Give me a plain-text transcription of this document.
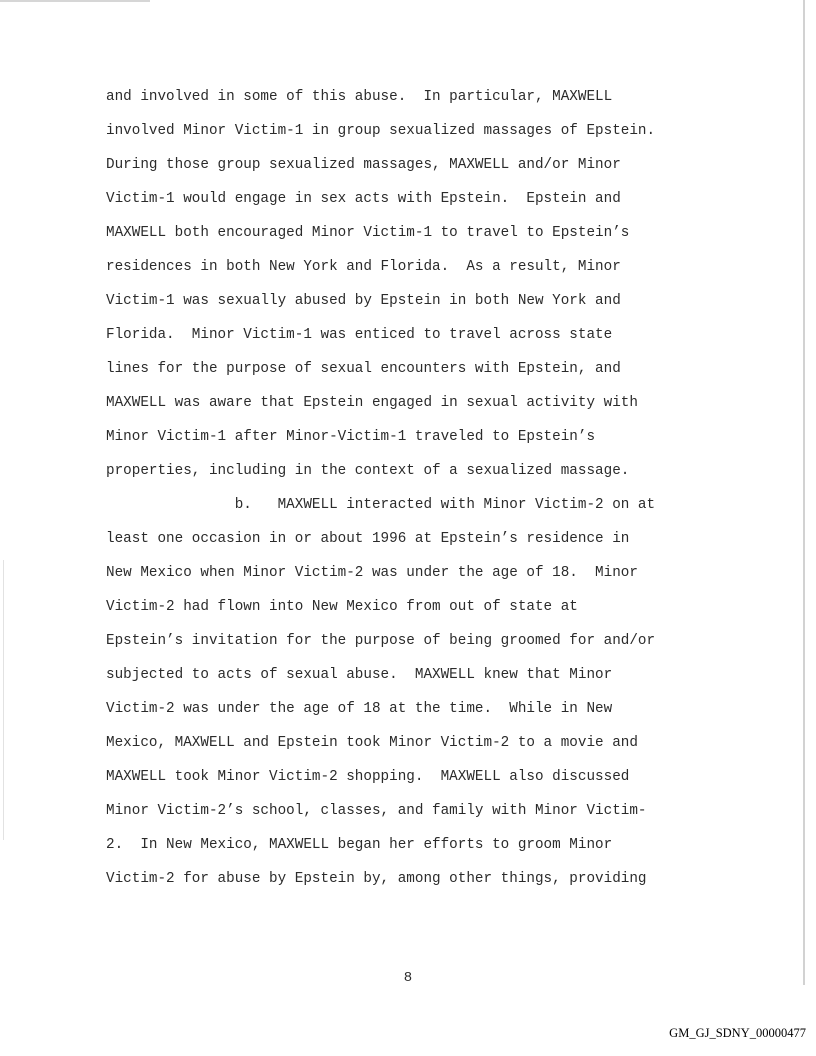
and involved in some of this abuse.  In particular, MAXWELL
involved Minor Victim-1 in group sexualized massages of Epstein.
During those group sexualized massages, MAXWELL and/or Minor
Victim-1 would engage in sex acts with Epstein.  Epstein and
MAXWELL both encouraged Minor Victim-1 to travel to Epstein’s
residences in both New York and Florida.  As a result, Minor
Victim-1 was sexually abused by Epstein in both New York and
Florida.  Minor Victim-1 was enticed to travel across state
lines for the purpose of sexual encounters with Epstein, and
MAXWELL was aware that Epstein engaged in sexual activity with
Minor Victim-1 after Minor-Victim-1 traveled to Epstein’s
properties, including in the context of a sexualized massage.
b.   MAXWELL interacted with Minor Victim-2 on at
least one occasion in or about 1996 at Epstein’s residence in
New Mexico when Minor Victim-2 was under the age of 18.  Minor
Victim-2 had flown into New Mexico from out of state at
Epstein’s invitation for the purpose of being groomed for and/or
subjected to acts of sexual abuse.  MAXWELL knew that Minor
Victim-2 was under the age of 18 at the time.  While in New
Mexico, MAXWELL and Epstein took Minor Victim-2 to a movie and
MAXWELL took Minor Victim-2 shopping.  MAXWELL also discussed
Minor Victim-2’s school, classes, and family with Minor Victim-
2.  In New Mexico, MAXWELL began her efforts to groom Minor
Victim-2 for abuse by Epstein by, among other things, providing
8
GM_GJ_SDNY_00000477
